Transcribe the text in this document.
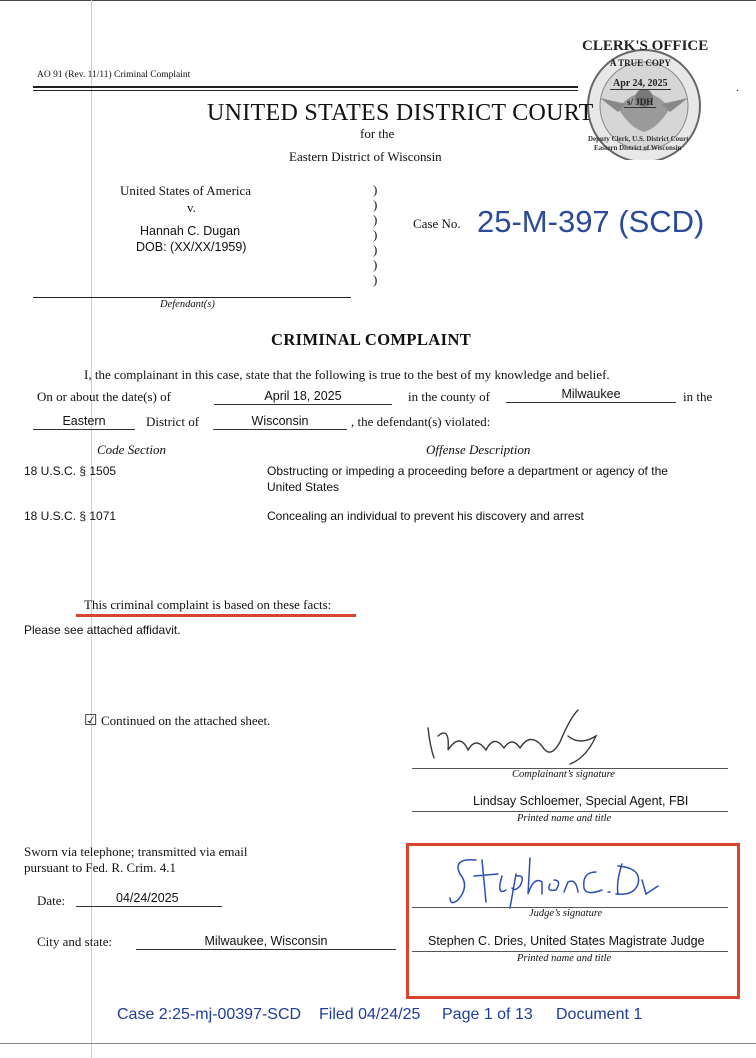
AO 91 (Rev. 11/11) Criminal Complaint
.
CLERK'S OFFICE
A TRUE COPY
Apr 24, 2025
s/ JDH
Deputy Clerk, U.S. District Court
Eastern District of Wisconsin
UNITED STATES DISTRICT COURT
for the
Eastern District of Wisconsin
United States of America
v.
Hannah C. Dugan
DOB: (XX/XX/1959)
Defendant(s)
)
)
)
)
)
)
)
Case No. 25-M-397 (SCD)
CRIMINAL COMPLAINT
I, the complainant in this case, state that the following is true to the best of my knowledge and belief.
On or about the date(s) of	April 18, 2025	in the county of	Milwaukee	in the
Eastern	District of	Wisconsin	, the defendant(s) violated:
Code Section	Offense Description
18 U.S.C. § 1505	Obstructing or impeding a proceeding before a department or agency of the
United States
18 U.S.C. § 1071	Concealing an individual to prevent his discovery and arrest
This criminal complaint is based on these facts:
Please see attached affidavit.
☑ Continued on the attached sheet.
Complainant’s signature
Lindsay Schloemer, Special Agent, FBI
Printed name and title
Sworn via telephone; transmitted via email
pursuant to Fed. R. Crim. 4.1
Date:	04/24/2025
City and state:	Milwaukee, Wisconsin
Judge’s signature
Stephen C. Dries, United States Magistrate Judge
Printed name and title
Case 2:25-mj-00397-SCD Filed 04/24/25 Page 1 of 13 Document 1
